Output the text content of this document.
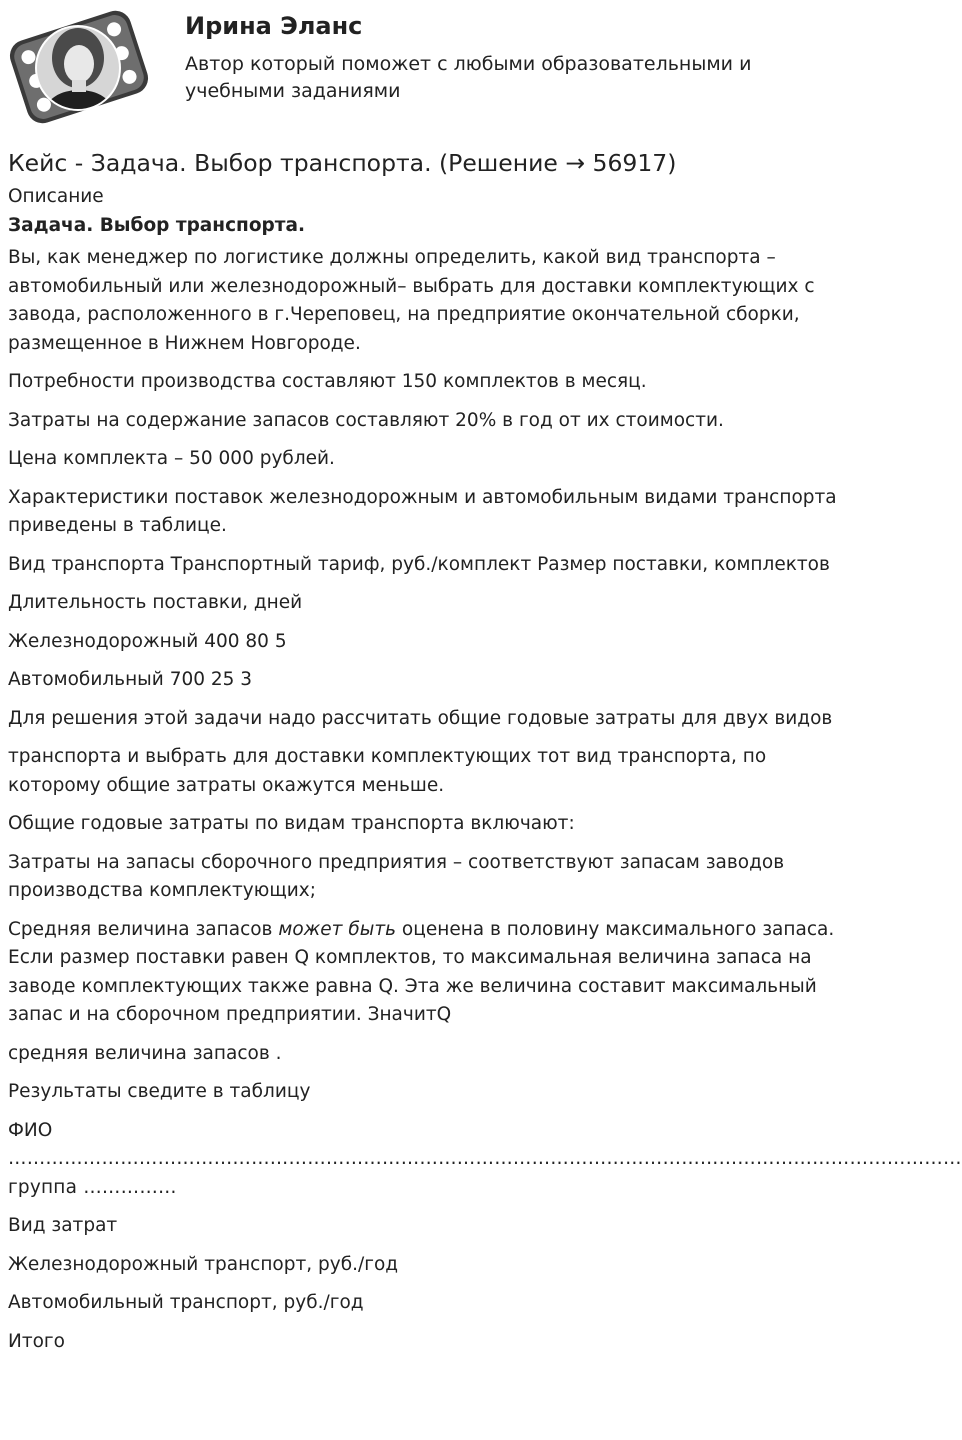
Ирина Эланс
Автор который поможет с любыми образовательными и учебными заданиями
Кейс - Задача. Выбор транспорта. (Решение → 56917)
Описание
Задача. Выбор транспорта.

Вы, как менеджер по логистике должны определить, какой вид транспорта – автомобильный или железнодорожный– выбрать для доставки комплектующих с завода, расположенного в г.Череповец, на предприятие окончательной сборки, размещенное в Нижнем Новгороде.

Потребности производства составляют 150 комплектов в месяц.

Затраты на содержание запасов составляют 20% в год от их стоимости.

Цена комплекта – 50 000 рублей.

Характеристики поставок железнодорожным и автомобильным видами транспорта приведены в таблице.

Вид транспорта Транспортный тариф, руб./комплект Размер поставки, комплектов

Длительность поставки, дней

Железнодорожный 400 80 5

Автомобильный 700 25 3

Для решения этой задачи надо рассчитать общие годовые затраты для двух видов

транспорта и выбрать для доставки комплектующих тот вид транспорта, по которому общие затраты окажутся меньше.

Общие годовые затраты по видам транспорта включают:

Затраты на запасы сборочного предприятия – соответствуют запасам заводов производства комплектующих;

Средняя величина запасов может быть оценена в половину максимального запаса. Если размер поставки равен Q комплектов, то максимальная величина запаса на заводе комплектующих также равна Q. Эта же величина составит максимальный запас и на сборочном предприятии. ЗначитQ

средняя величина запасов .

Результаты сведите в таблицу

ФИО

………………………………………………………………………………………………………………………………………
группа ……………

Вид затрат

Железнодорожный транспорт, руб./год

Автомобильный транспорт, руб./год

Итого
